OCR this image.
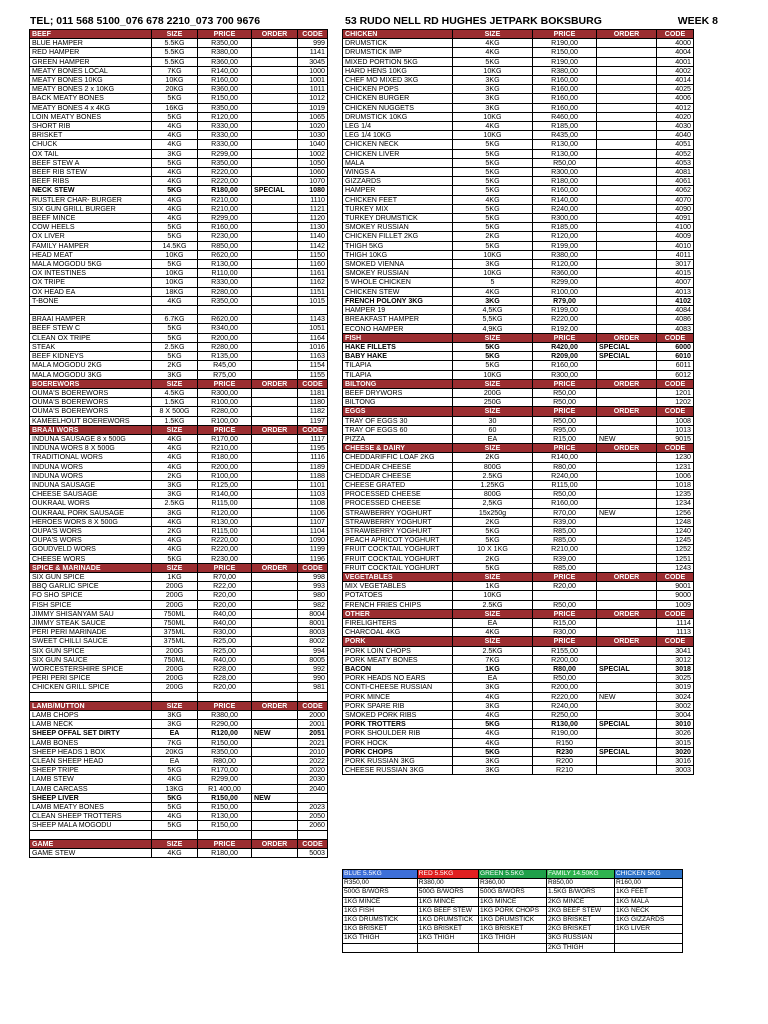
TEL; 011 568 5100_076 678 2210_073 700 9676	53 RUDO NELL RD HUGHES JETPARK BOKSBURG	WEEK 8
BEEF	SIZE	PRICE	ORDER	CODE
BLUE HAMPER	5.5KG	R350,00		999
RED HAMPER	5.5KG	R380,00		1141
GREEN HAMPER	5.5KG	R360,00		3045
MEATY BONES LOCAL	7KG	R140,00		1000
MEATY BONES 10KG	10KG	R160,00		1001
MEATY BONES 2 x 10KG	20KG	R360,00		1011
BACK MEATY BONES	5KG	R150,00		1012
MEATY BONES 4 x 4KG	16KG	R350,00		1019
LOIN MEATY BONES	5KG	R120,00		1065
SHORT RIB	4KG	R330,00		1020
BRISKET	4KG	R330,00		1030
CHUCK	4KG	R330,00		1040
OX TAIL	3KG	R299,00		1002
BEEF STEW A	5KG	R350,00		1050
BEEF RIB STEW	4KG	R220,00		1060
BEEF RIBS	4KG	R220,00		1070
NECK STEW	5KG	R180,00	SPECIAL	1080
RUSTLER CHAR- BURGER	4KG	R210,00		1110
SIX GUN GRILL BURGER	4KG	R210,00		1121
BEEF MINCE	4KG	R299,00		1120
COW HEELS	5KG	R160,00		1130
OX LIVER	5KG	R230,00		1140
FAMILY HAMPER	14.5KG	R850,00		1142
HEAD MEAT	10KG	R620,00		1150
MALA MOGODU 5KG	5KG	R130,00		1160
OX INTESTINES	10KG	R110,00		1161
OX TRIPE	10KG	R330,00		1162
OX HEAD EA	18KG	R280,00		1151
T-BONE	4KG	R350,00		1015

BRAAI HAMPER	6.7KG	R620,00		1143
BEEF STEW C	5KG	R340,00		1051
CLEAN OX TRIPE	5KG	R200,00		1164
STEAK	2.5KG	R280,00		1016
BEEF KIDNEYS	5KG	R135,00		1163
MALA MOGODU 2KG	2KG	R45,00		1154
MALA MOGODU 3KG	3KG	R75,00		1155
BOEREWORS	SIZE	PRICE	ORDER	CODE
OUMA'S BOEREWORS	4.5KG	R300,00		1181
OUMA'S BOEREWORS	1.5KG	R100,00		1180
OUMA'S BOEREWORS	8 X 500G	R280,00		1182
KAMEELHOUT BOEREWORS	1.5KG	R100,00		1197
BRAAI WORS	SIZE	PRICE	ORDER	CODE
INDUNA SAUSAGE 8 x 500G	4KG	R170,00		1117
INDUNA WORS 8 X 500G	4KG	R210,00		1195
TRADITIONAL WORS	4KG	R180,00		1116
INDUNA WORS	4KG	R200,00		1189
INDUNA WORS	2KG	R100,00		1188
INDUNA SAUSAGE	3KG	R125,00		1101
CHEESE SAUSAGE	3KG	R140,00		1103
OUKRAAL WORS	2.5KG	R115,00		1108
OUKRAAL PORK SAUSAGE	3KG	R120,00		1106
HEROES WORS 8 X 500G	4KG	R130,00		1107
OUPA'S WORS	2KG	R115,00		1104
OUPA'S WORS	4KG	R220,00		1090
GOUDVELD WORS	4KG	R220,00		1199
CHEESE WORS	5KG	R230,00		1196
SPICE & MARINADE	SIZE	PRICE	ORDER	CODE
SIX GUN SPICE	1KG	R70,00		998
BBQ GARLIC SPICE	200G	R22,00		993
FO SHO SPICE	200G	R20,00		980
FISH SPICE	200G	R20,00		982
JIMMY SHISANYAM SAU	750ML	R40,00		8004
JIMMY STEAK SAUCE	750ML	R40,00		8001
PERI PERI MARINADE	375ML	R30,00		8003
SWEET CHILLI SAUCE	375ML	R25,00		8002
SIX GUN SPICE	200G	R25,00		994
SIX GUN SAUCE	750ML	R40,00		8005
WORCESTERSHIRE SPICE	200G	R28,00		992
PERI PERI SPICE	200G	R28,00		990
CHICKEN GRILL SPICE	200G	R20,00		981

LAMB/MUTTON	SIZE	PRICE	ORDER	CODE
LAMB CHOPS	3KG	R380,00		2000
LAMB NECK	3KG	R290,00		2001
SHEEP OFFAL SET DIRTY	EA	R120,00	NEW	2051
LAMB BONES	7KG	R150,00		2021
SHEEP HEADS 1 BOX	20KG	R350,00		2010
CLEAN SHEEP HEAD	EA	R80,00		2022
SHEEP TRIPE	5KG	R170,00		2020
LAMB STEW	4KG	R299,00		2030
LAMB CARCASS	13KG	R1 400,00		2040
SHEEP LIVER	5KG	R150,00	NEW	
LAMB MEATY BONES	5KG	R150,00		2023
CLEAN SHEEP TROTTERS	4KG	R130,00		2050
SHEEP MALA MOGODU	5KG	R150,00		2060

GAME	SIZE	PRICE	ORDER	CODE
GAME STEW	4KG	R180,00		5003
CHICKEN	SIZE	PRICE	ORDER	CODE
DRUMSTICK	4KG	R190,00		4000
DRUMSTICK IMP	4KG	R150,00		4004
MIXED PORTION 5KG	5KG	R190,00		4001
HARD HENS 10KG	10KG	R380,00		4002
CHEF MO MIXED 3KG	3KG	R160,00		4014
CHICKEN POPS	3KG	R160,00		4025
CHICKEN BURGER	3KG	R160,00		4006
CHICKEN NUGGETS	3KG	R160,00		4012
DRUMSTICK 10KG	10KG	R460,00		4020
LEG 1/4	4KG	R185,00		4030
LEG 1/4 10KG	10KG	R435,00		4040
CHICKEN NECK	5KG	R130,00		4051
CHICKEN LIVER	5KG	R130,00		4052
MALA	5KG	R50,00		4053
WINGS A	5KG	R300,00		4081
GIZZARDS	5KG	R180,00		4061
HAMPER	5KG	R160,00		4062
CHICKEN FEET	4KG	R140,00		4070
TURKEY MIX	5KG	R240,00		4090
TURKEY DRUMSTICK	5KG	R300,00		4091
SMOKEY RUSSIAN	5KG	R185,00		4100
CHICKEN FILLET 2KG	2KG	R120,00		4009
THIGH 5KG	5KG	R199,00		4010
THIGH 10KG	10KG	R380,00		4011
SMOKED VIENNA	3KG	R120,00		3017
SMOKEY RUSSIAN	10KG	R360,00		4015
5 WHOLE CHICKEN	5	R299,00		4007
CHICKEN STEW	4KG	R100,00		4013
FRENCH POLONY 3KG	3KG	R79,00		4102
HAMPER 19	4,5KG	R199,00		4084
BREAKFAST HAMPER	5,5KG	R220,00		4086
ECONO HAMPER	4,9KG	R192,00		4083
FISH	SIZE	PRICE	ORDER	CODE
HAKE FILLETS	5KG	R420,00	SPECIAL	6000
BABY HAKE	5KG	R209,00	SPECIAL	6010
TILAPIA	5KG	R160,00		6011
TILAPIA	10KG	R300,00		6012
BILTONG	SIZE	PRICE	ORDER	CODE
BEEF DRYWORS	200G	R50,00		1201
BILTONG	250G	R50,00		1202
EGGS	SIZE	PRICE	ORDER	CODE
TRAY OF EGGS 30	30	R50,00		1008
TRAY OF EGGS 60	60	R95,00		1013
PIZZA	EA	R15,00	NEW	9015
CHEESE & DAIRY	SIZE	PRICE	ORDER	CODE
CHEDDARIFFIC LOAF 2KG	2KG	R140,00		1230
CHEDDAR CHEESE	800G	R80,00		1231
CHEDDAR CHEESE	2.5KG	R240,00		1006
CHEESE GRATED	1.25KG	R115,00		1018
PROCESSED CHEESE	800G	R50,00		1235
PROCESSED CHEESE	2,5KG	R160,00		1234
STRAWBERRY YOGHURT	15x250g	R70,00	NEW	1256
STRAWBERRY YOGHURT	2KG	R39,00		1248
STRAWBERRY YOGHURT	5KG	R85,00		1240
PEACH APRICOT YOGHURT	5KG	R85,00		1245
FRUIT COCKTAIL YOGHURT	10 X 1KG	R210,00		1252
FRUIT COCKTAIL YOGHURT	2KG	R39,00		1251
FRUIT COCKTAIL YOGHURT	5KG	R85,00		1243
VEGETABLES	SIZE	PRICE	ORDER	CODE
MIX VEGETABLES	1KG	R20,00		9001
POTATOES	10KG			9000
FRENCH FRIES CHIPS	2.5KG	R50,00		1009
OTHER	SIZE	PRICE	ORDER	CODE
FIRELIGHTERS	EA	R15,00		1114
CHARCOAL 4KG	4KG	R30,00		1113
PORK	SIZE	PRICE	ORDER	CODE
PORK LOIN CHOPS	2.5KG	R155,00		3041
PORK MEATY BONES	7KG	R200,00		3012
BACON	1KG	R80,00	SPECIAL	3018
PORK HEADS NO EARS	EA	R50,00		3025
CONTI-CHEESE RUSSIAN	3KG	R200,00		3019
PORK MINCE	4KG	R220,00	NEW	3024
PORK SPARE RIB	3KG	R240,00		3002
SMOKED PORK RIBS	4KG	R250,00		3004
PORK TROTTERS	5KG	R130,00	SPECIAL	3010
PORK SHOULDER RIB	4KG	R190,00		3026
PORK HOCK	4KG	R150		3015
PORK CHOPS	5KG	R230	SPECIAL	3020
PORK RUSSIAN 3KG	3KG	R200		3016
CHEESE RUSSIAN 3KG	3KG	R210		3003
BLUE 5.5KG	RED 5.5KG	GREEN 5.5KG	FAMILY 14.50KG	CHICKEN 5KG
R350,00	R380,00	R360,00	R850,00	R160,00
500G B/WORS	500G B/WORS	500G B/WORS	1.5KG B/WORS	1KG FEET
1KG MINCE	1KG MINCE	1KG MINCE	2KG MINCE	1KG MALA
1KG FISH	1KG BEEF STEW	1KG PORK CHOPS	2KG BEEF STEW	1KG NECK
1KG DRUMSTICK	1KG DRUMSTICK	1KG DRUMSTICK	2KG BRISKET	1KG GIZZARDS
1KG BRISKET	1KG BRISKET	1KG BRISKET	2KG BRISKET	1KG LIVER
1KG THIGH	1KG THIGH	1KG THIGH	3KG RUSSIAN	
			2KG THIGH	
